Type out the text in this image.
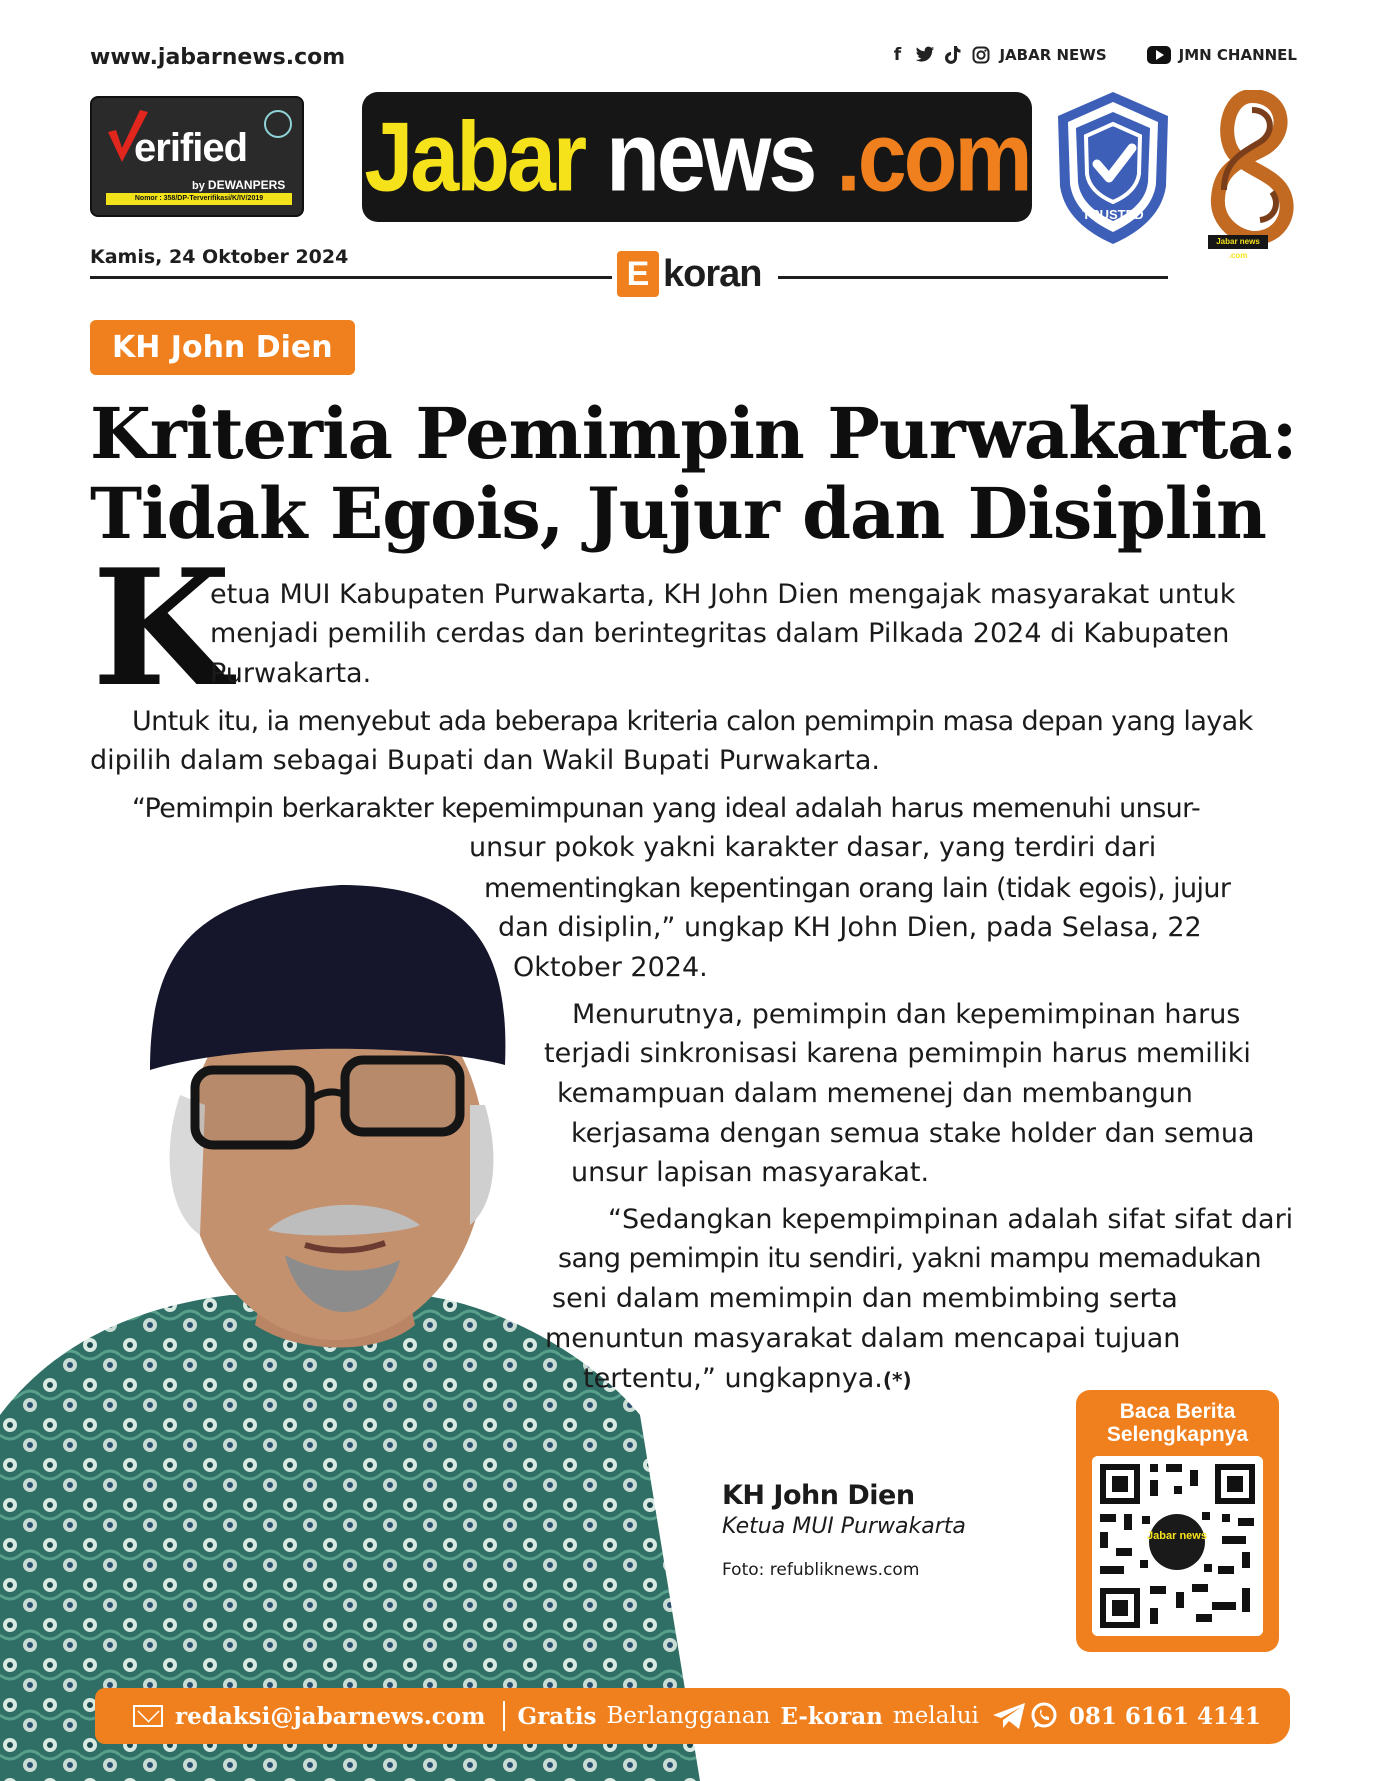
www.jabarnews.com	f	JABAR NEWS	JMN CHANNEL
erified
by DEWANPERS
Nomor : 358/DP-Terverifikasi/K/IV/2019	Jabar news .com
TRUSTED
Jabar news .com
Kamis, 24 Oktober 2024	E koran
KH John Dien
Kriteria Pemimpin Purwakarta:
Tidak Egois, Jujur dan Disiplin
K
etua MUI Kabupaten Purwakarta, KH John Dien mengajak masyarakat untuk
menjadi pemilih cerdas dan berintegritas dalam Pilkada 2024 di Kabupaten
Purwakarta.
Untuk itu, ia menyebut ada beberapa kriteria calon pemimpin masa depan yang layak
dipilih dalam sebagai Bupati dan Wakil Bupati Purwakarta.
“Pemimpin berkarakter kepemimpunan yang ideal adalah harus memenuhi unsur-
unsur pokok yakni karakter dasar, yang terdiri dari
mementingkan kepentingan orang lain (tidak egois), jujur
dan disiplin,” ungkap KH John Dien, pada Selasa, 22
Oktober 2024.
Menurutnya, pemimpin dan kepemimpinan harus
terjadi sinkronisasi karena pemimpin harus memiliki
kemampuan dalam memenej dan membangun
kerjasama dengan semua stake holder dan semua
unsur lapisan masyarakat.
“Sedangkan kepempimpinan adalah sifat sifat dari
sang pemimpin itu sendiri, yakni mampu memadukan
seni dalam memimpin dan membimbing serta
menuntun masyarakat dalam mencapai tujuan
tertentu,” ungkapnya.(*)
KH John Dien
Ketua MUI Purwakarta
Foto: refubliknews.com
Baca Berita
Selengkapnya
Jabar news
redaksi@jabarnews.com Gratis Berlangganan E-koran melalui	081 6161 4141
